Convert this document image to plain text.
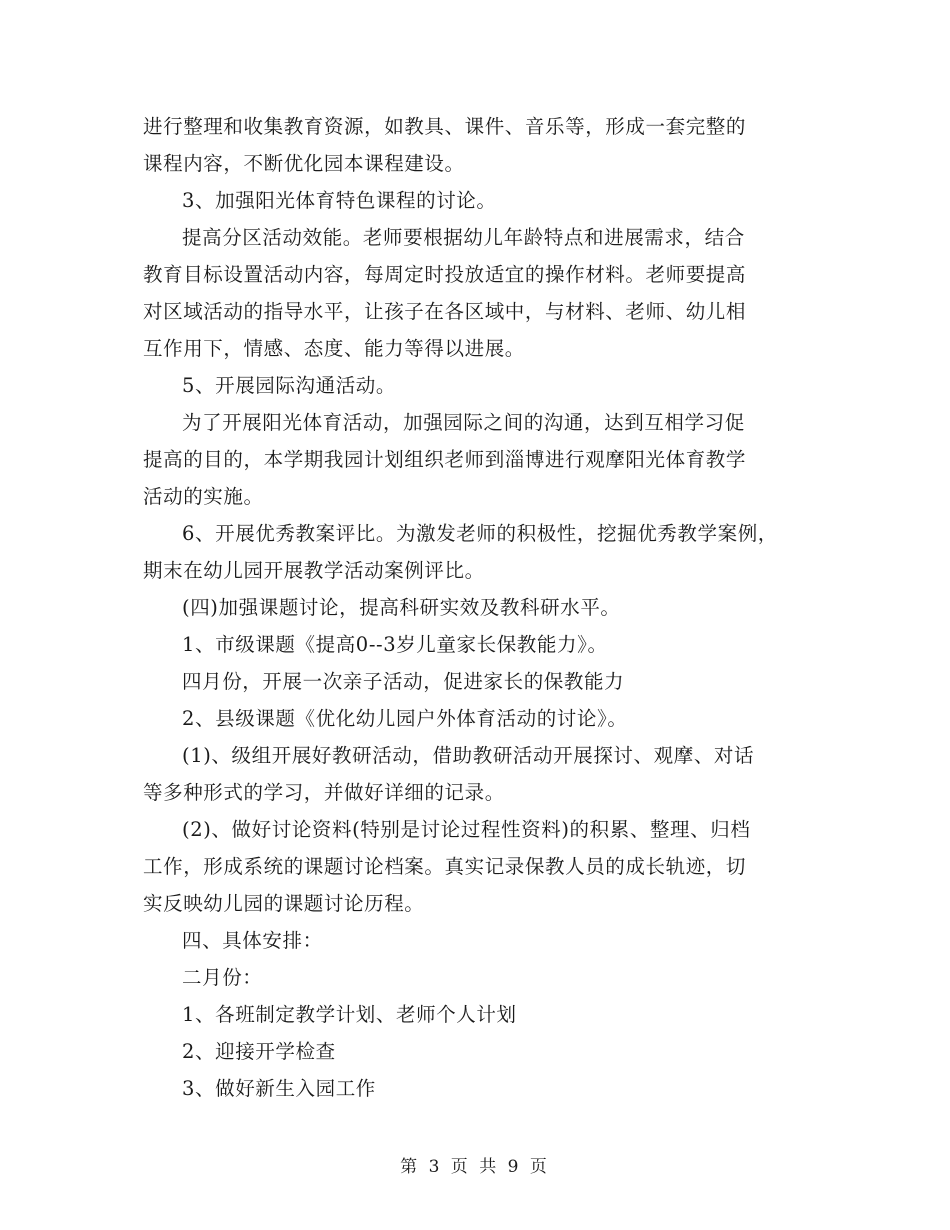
进行整理和收集教育资源，如教具、课件、音乐等，形成一套完整的

课程内容，不断优化园本课程建设。

3、加强阳光体育特色课程的讨论。

提高分区活动效能。老师要根据幼儿年龄特点和进展需求，结合

教育目标设置活动内容，每周定时投放适宜的操作材料。老师要提高

对区域活动的指导水平，让孩子在各区域中，与材料、老师、幼儿相

互作用下，情感、态度、能力等得以进展。

5、开展园际沟通活动。

为了开展阳光体育活动，加强园际之间的沟通，达到互相学习促

提高的目的，本学期我园计划组织老师到淄博进行观摩阳光体育教学

活动的实施。

6、开展优秀教案评比。为激发老师的积极性，挖掘优秀教学案例，

期末在幼儿园开展教学活动案例评比。

(四)加强课题讨论，提高科研实效及教科研水平。

1、市级课题《提高0--3岁儿童家长保教能力》。

四月份，开展一次亲子活动，促进家长的保教能力

2、县级课题《优化幼儿园户外体育活动的讨论》。

(1)、级组开展好教研活动，借助教研活动开展探讨、观摩、对话

等多种形式的学习，并做好详细的记录。

(2)、做好讨论资料(特别是讨论过程性资料)的积累、整理、归档

工作，形成系统的课题讨论档案。真实记录保教人员的成长轨迹，切

实反映幼儿园的课题讨论历程。

四、具体安排：

二月份：

1、各班制定教学计划、老师个人计划

2、迎接开学检查

3、做好新生入园工作

第 3 页 共 9 页
